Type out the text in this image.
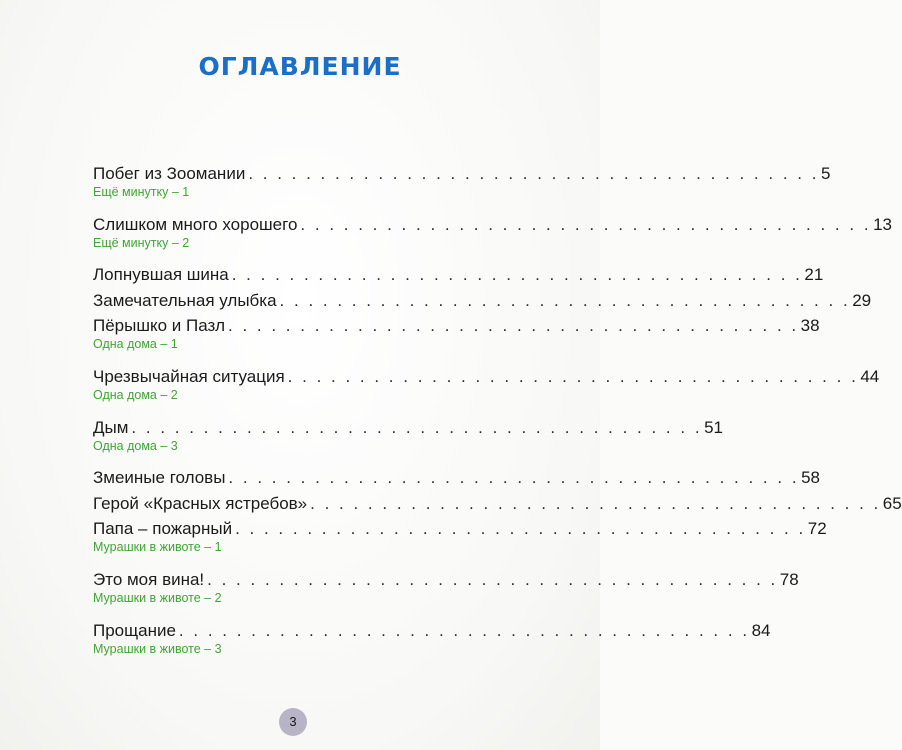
ОГЛАВЛЕНИЕ
Побег из Зоомании . . . . . . . . . . . . . . . . . . . . . . . . . . . . . . . . . . . . . . . . 5
Ещё минутку – 1
Слишком много хорошего . . . . . . . . . . . . . . . . . . . . . . . . . . . . . . . . . . . . . . . . 13
Ещё минутку – 2
Лопнувшая шина . . . . . . . . . . . . . . . . . . . . . . . . . . . . . . . . . . . . . . . . 21
Замечательная улыбка . . . . . . . . . . . . . . . . . . . . . . . . . . . . . . . . . . . . . . . . 29
Пёрышко и Пазл . . . . . . . . . . . . . . . . . . . . . . . . . . . . . . . . . . . . . . . . 38
Одна дома – 1
Чрезвычайная ситуация . . . . . . . . . . . . . . . . . . . . . . . . . . . . . . . . . . . . . . . . 44
Одна дома – 2
Дым . . . . . . . . . . . . . . . . . . . . . . . . . . . . . . . . . . . . . . . . 51
Одна дома – 3
Змеиные головы . . . . . . . . . . . . . . . . . . . . . . . . . . . . . . . . . . . . . . . . 58
Герой «Красных ястребов» . . . . . . . . . . . . . . . . . . . . . . . . . . . . . . . . . . . . . . . . 65
Папа – пожарный . . . . . . . . . . . . . . . . . . . . . . . . . . . . . . . . . . . . . . . . 72
Мурашки в животе – 1
Это моя вина! . . . . . . . . . . . . . . . . . . . . . . . . . . . . . . . . . . . . . . . . 78
Мурашки в животе – 2
Прощание . . . . . . . . . . . . . . . . . . . . . . . . . . . . . . . . . . . . . . . . 84
Мурашки в животе – 3
3
